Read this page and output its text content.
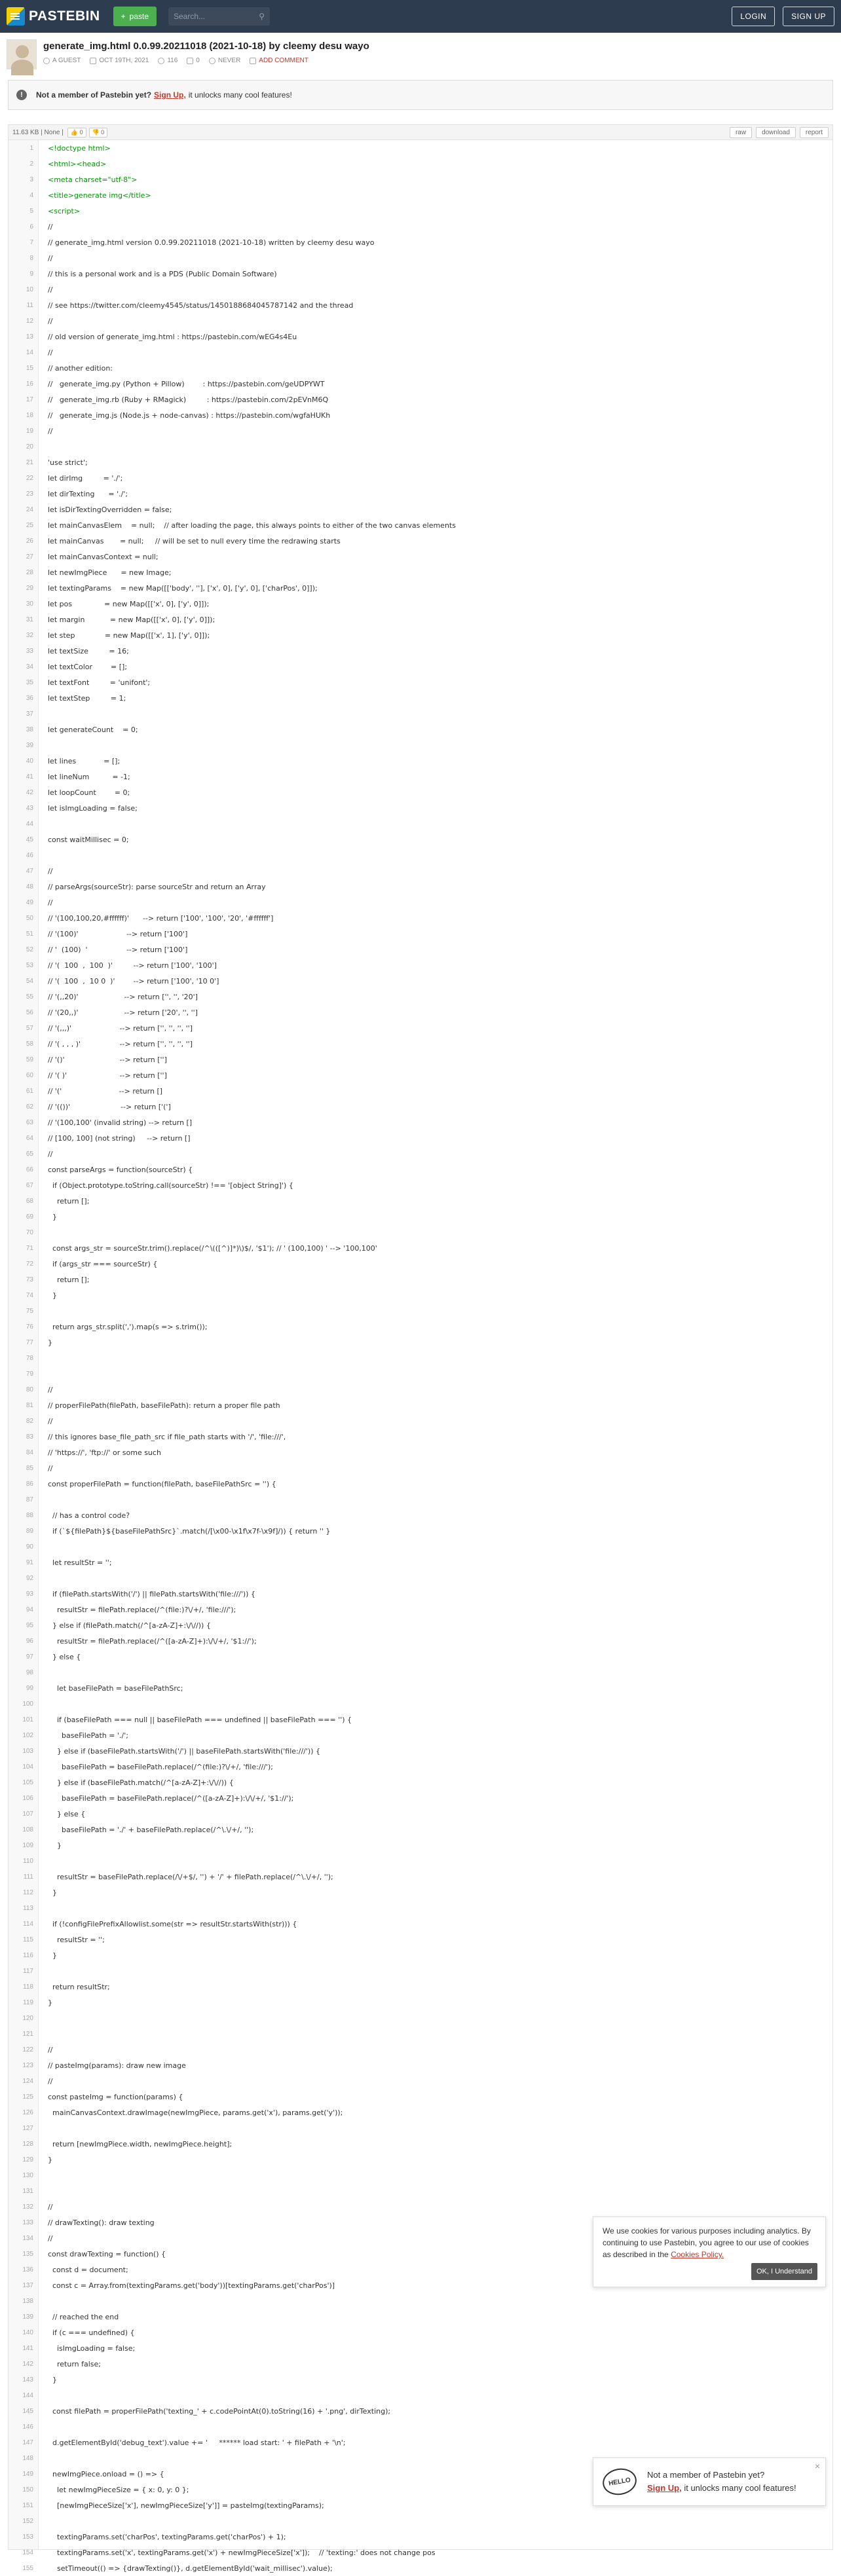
PASTEBIN	+ paste	Search...	⚲	LOGIN	SIGN UP
generate_img.html 0.0.99.20211018 (2021-10-18) by cleemy desu wayo
A GUEST	OCT 19TH, 2021	116	0	NEVER	ADD COMMENT
!	Not a member of Pastebin yet? Sign Up, it unlocks many cool features!
11.63 KB | None |	👍 0	👎 0	raw	download	report
1	<!doctype html>
2	<html><head>
3	<meta charset="utf-8">
4	<title>generate img</title>
5	<script>
6	//
7	// generate_img.html version 0.0.99.20211018 (2021-10-18) written by cleemy desu wayo
8	//
9	// this is a personal work and is a PDS (Public Domain Software)
10	//
11	// see https://twitter.com/cleemy4545/status/1450188684045787142 and the thread
12	//
13	// old version of generate_img.html : https://pastebin.com/wEG4s4Eu
14	//
15	// another edition:
16	//   generate_img.py (Python + Pillow)        : https://pastebin.com/geUDPYWT
17	//   generate_img.rb (Ruby + RMagick)         : https://pastebin.com/2pEVnM6Q
18	//   generate_img.js (Node.js + node-canvas) : https://pastebin.com/wgfaHUKh
19	//
20
21	'use strict';
22	let dirImg         = './';
23	let dirTexting      = './';
24	let isDirTextingOverridden = false;
25	let mainCanvasElem    = null;    // after loading the page, this always points to either of the two canvas elements
26	let mainCanvas       = null;     // will be set to null every time the redrawing starts
27	let mainCanvasContext = null;
28	let newImgPiece      = new Image;
29	let textingParams    = new Map([['body', ''], ['x', 0], ['y', 0], ['charPos', 0]]);
30	let pos              = new Map([['x', 0], ['y', 0]]);
31	let margin           = new Map([['x', 0], ['y', 0]]);
32	let step             = new Map([['x', 1], ['y', 0]]);
33	let textSize         = 16;
34	let textColor        = [];
35	let textFont         = 'unifont';
36	let textStep         = 1;
37
38	let generateCount    = 0;
39
40	let lines            = [];
41	let lineNum          = -1;
42	let loopCount        = 0;
43	let isImgLoading = false;
44
45	const waitMillisec = 0;
46
47	//
48	// parseArgs(sourceStr): parse sourceStr and return an Array
49	//
50	// '(100,100,20,#ffffff)'      --> return ['100', '100', '20', '#ffffff']
51	// '(100)'                     --> return ['100']
52	// '  (100)  '                 --> return ['100']
53	// '(  100  ,  100  )'         --> return ['100', '100']
54	// '(  100  ,  10 0  )'        --> return ['100', '10 0']
55	// '(,,20)'                    --> return ['', '', '20']
56	// '(20,,)'                    --> return ['20', '', '']
57	// '(,,,)'                     --> return ['', '', '', '']
58	// '( , , , )'                 --> return ['', '', '', '']
59	// '()'                        --> return ['']
60	// '( )'                       --> return ['']
61	// '('                         --> return []
62	// '(())'                      --> return ['(']
63	// '(100,100' (invalid string) --> return []
64	// [100, 100] (not string)     --> return []
65	//
66	const parseArgs = function(sourceStr) {
67	if (Object.prototype.toString.call(sourceStr) !== '[object String]') {
68	return [];
69	}
70
71	const args_str = sourceStr.trim().replace(/^\(([^)]*)\)$/, '$1'); // ' (100,100) ' --> '100,100'
72	if (args_str === sourceStr) {
73	return [];
74	}
75
76	return args_str.split(',').map(s => s.trim());
77	}
78
79
80	//
81	// properFilePath(filePath, baseFilePath): return a proper file path
82	//
83	// this ignores base_file_path_src if file_path starts with '/', 'file:///',
84	// 'https://', 'ftp://' or some such
85	//
86	const properFilePath = function(filePath, baseFilePathSrc = '') {
87
88	// has a control code?
89	if (`${filePath}${baseFilePathSrc}`.match(/[\x00-\x1f\x7f-\x9f]/)) { return '' }
90
91	let resultStr = '';
92
93	if (filePath.startsWith('/') || filePath.startsWith('file:///')) {
94	resultStr = filePath.replace(/^(file:)?\/+/, 'file:///');
95	} else if (filePath.match(/^[a-zA-Z]+:\/\//)) {
96	resultStr = filePath.replace(/^([a-zA-Z]+):\/\/+/, '$1://');
97	} else {
98
99	let baseFilePath = baseFilePathSrc;
100
101	if (baseFilePath === null || baseFilePath === undefined || baseFilePath === '') {
102	baseFilePath = './';
103	} else if (baseFilePath.startsWith('/') || baseFilePath.startsWith('file:///')) {
104	baseFilePath = baseFilePath.replace(/^(file:)?\/+/, 'file:///');
105	} else if (baseFilePath.match(/^[a-zA-Z]+:\/\//)) {
106	baseFilePath = baseFilePath.replace(/^([a-zA-Z]+):\/\/+/, '$1://');
107	} else {
108	baseFilePath = './' + baseFilePath.replace(/^\.\/+/, '');
109	}
110
111	resultStr = baseFilePath.replace(/\/+$/, '') + '/' + filePath.replace(/^\.\/+/, '');
112	}
113
114	if (!configFilePrefixAllowlist.some(str => resultStr.startsWith(str))) {
115	resultStr = '';
116	}
117
118	return resultStr;
119	}
120
121
122	//
123	// pasteImg(params): draw new image
124	//
125	const pasteImg = function(params) {
126	mainCanvasContext.drawImage(newImgPiece, params.get('x'), params.get('y'));
127
128	return [newImgPiece.width, newImgPiece.height];
129	}
130
131
132	//
133	// drawTexting(): draw texting
134	//
135	const drawTexting = function() {
136	const d = document;
137	const c = Array.from(textingParams.get('body'))[textingParams.get('charPos')]
138
139	// reached the end
140	if (c === undefined) {
141	isImgLoading = false;
142	return false;
143	}
144
145	const filePath = properFilePath('texting_' + c.codePointAt(0).toString(16) + '.png', dirTexting);
146
147	d.getElementById('debug_text').value += '     ****** load start: ' + filePath + '\n';
148
149	newImgPiece.onload = () => {
150	let newImgPieceSize = { x: 0, y: 0 };
151	[newImgPieceSize['x'], newImgPieceSize['y']] = pasteImg(textingParams);
152
153	textingParams.set('charPos', textingParams.get('charPos') + 1);
154	textingParams.set('x', textingParams.get('x') + newImgPieceSize['x']);    // 'texting:' does not change pos
155	setTimeout(() => {drawTexting()}, d.getElementById('wait_millisec').value);
We use cookies for various purposes including analytics. By continuing to use Pastebin, you agree to our use of cookies as described in the Cookies Policy.
OK, I Understand
HELLO
Not a member of Pastebin yet?
Sign Up, it unlocks many cool features!
×
